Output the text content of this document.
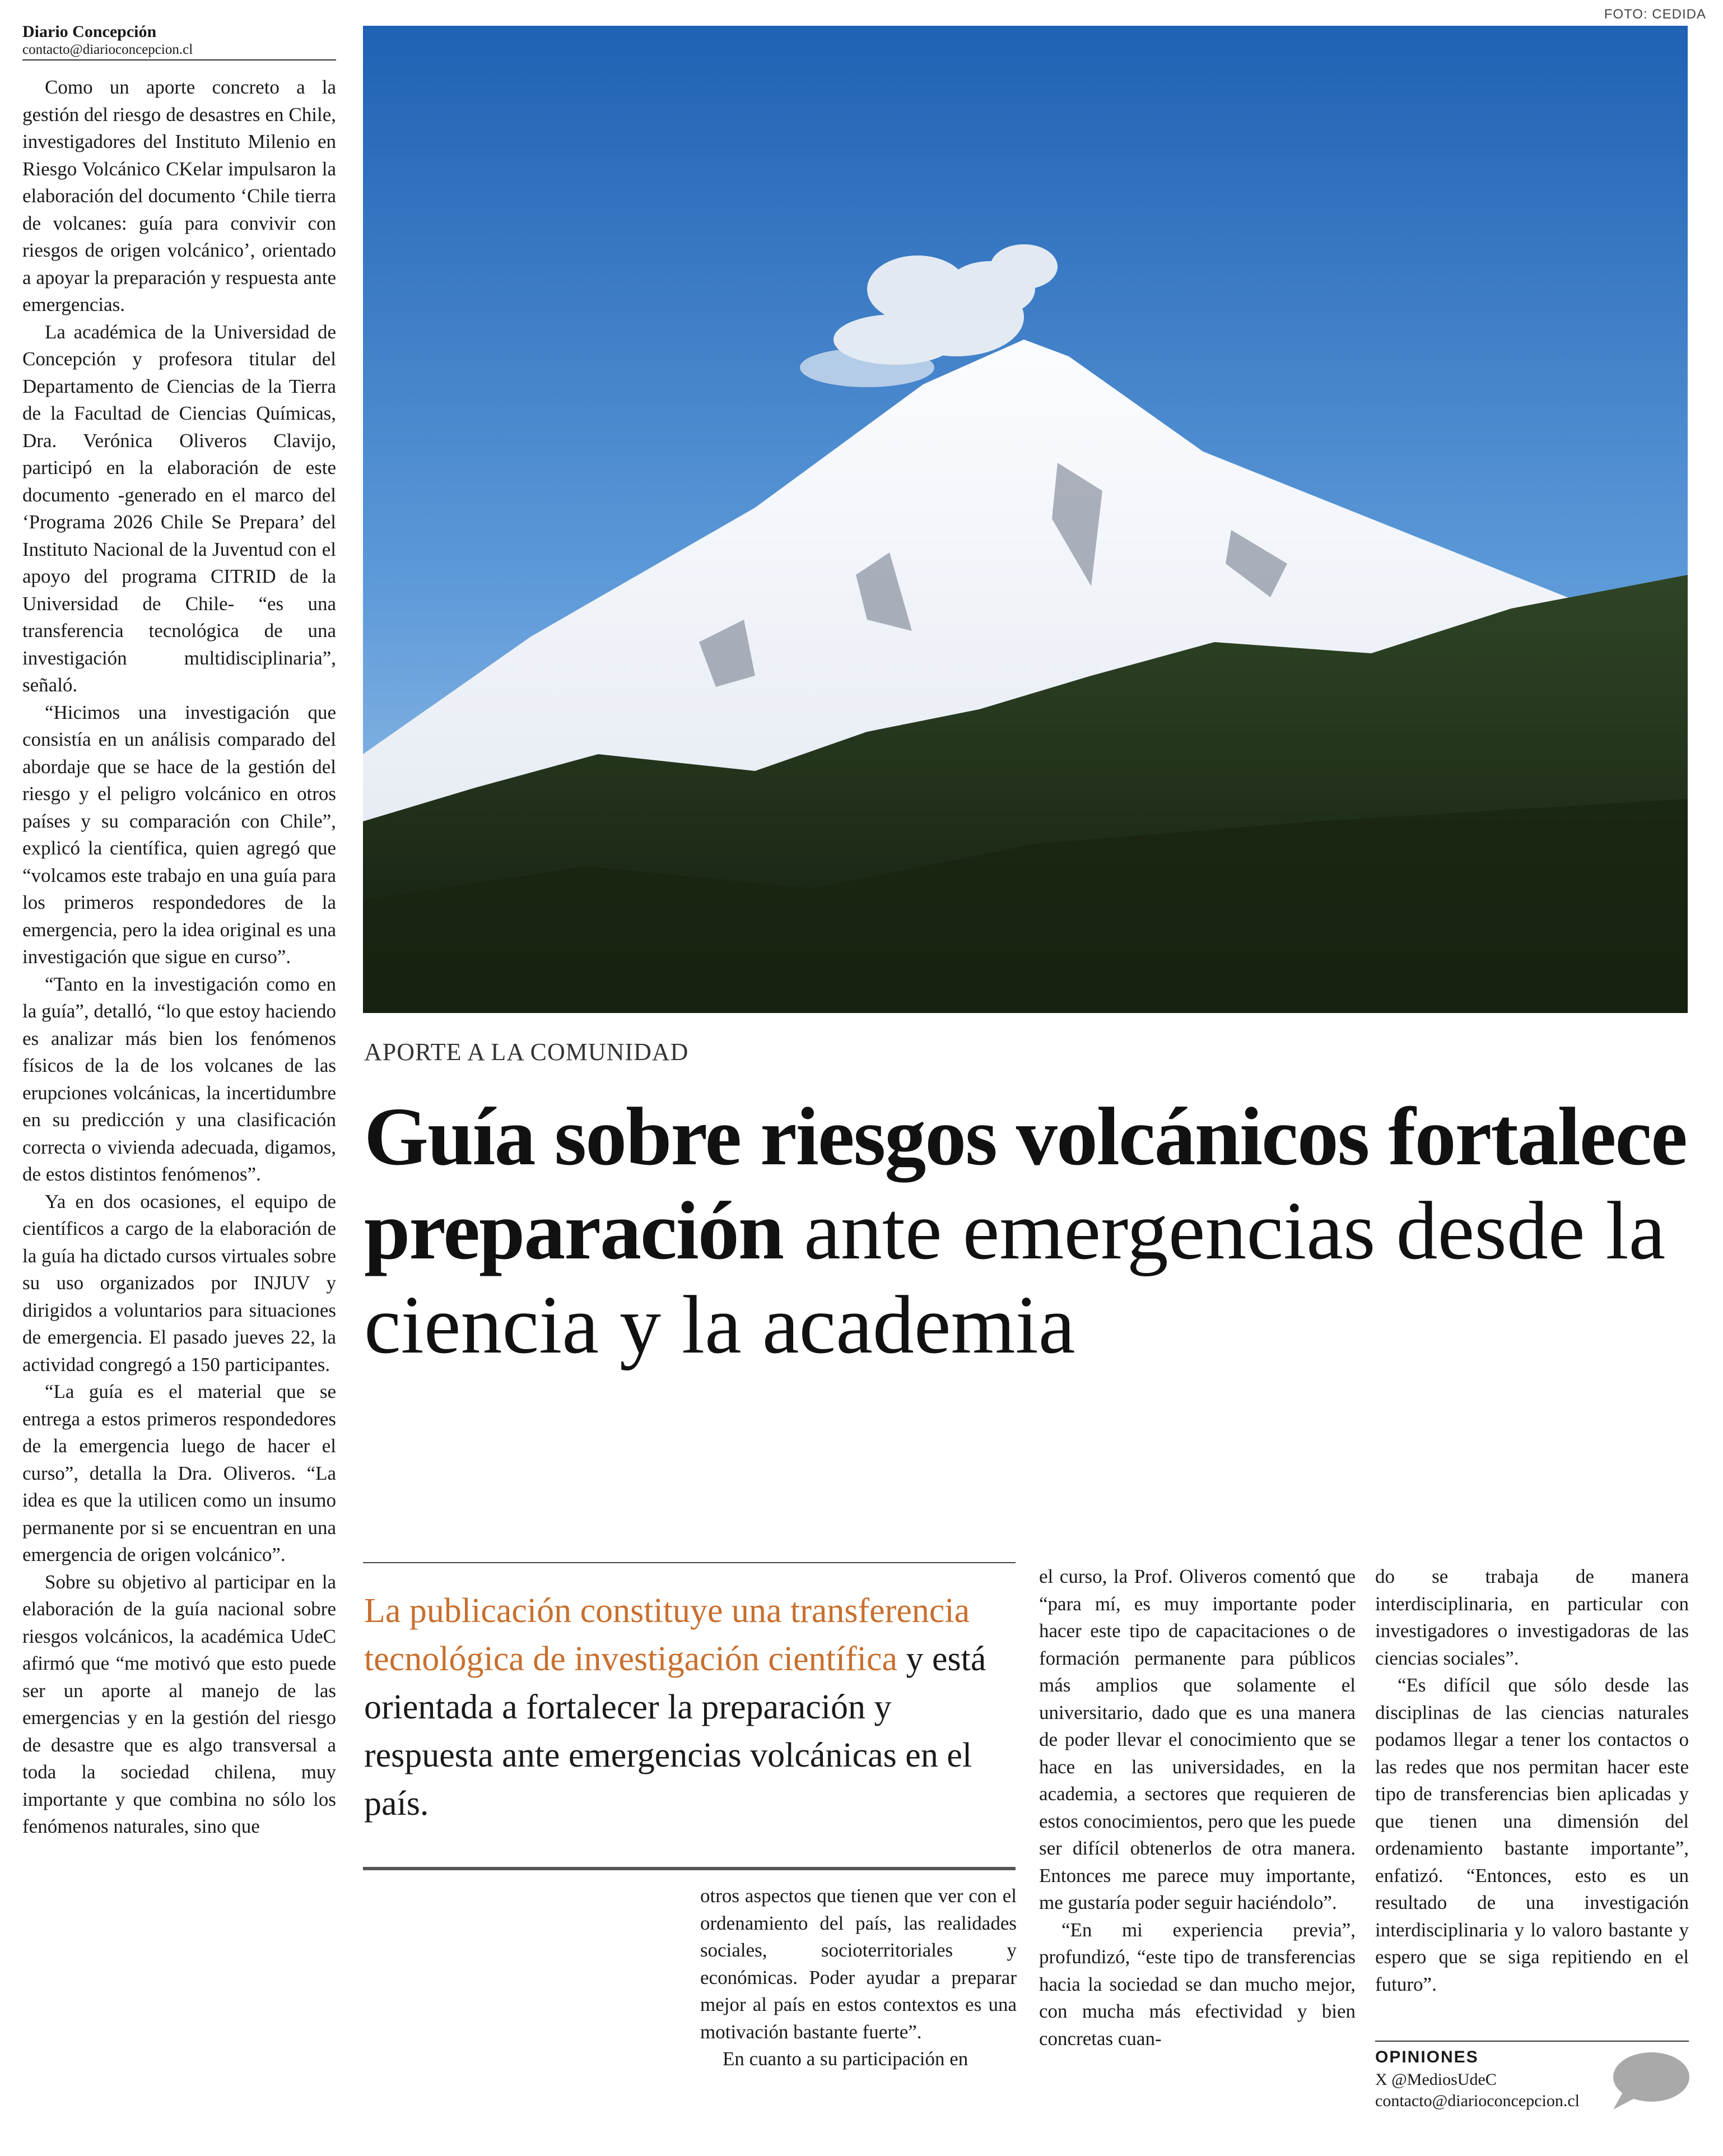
Diario Concepción
contacto@diarioconcepcion.cl
FOTO: CEDIDA

Como un aporte concreto a la gestión del riesgo de desastres en Chile, investigadores del Instituto Milenio en Riesgo Volcánico CKelar impulsaron la elaboración del documento ‘Chile tierra de volcanes: guía para convivir con riesgos de origen volcánico’, orientado a apoyar la preparación y respuesta ante emergencias.

La académica de la Universidad de Concepción y profesora titular del Departamento de Ciencias de la Tierra de la Facultad de Ciencias Químicas, Dra. Verónica Oliveros Clavijo, participó en la elaboración de este documento -generado en el marco del ‘Programa 2026 Chile Se Prepara’ del Instituto Nacional de la Juventud con el apoyo del programa CITRID de la Universidad de Chile- “es una transferencia tecnológica de una investigación multidisciplinaria”, señaló.

“Hicimos una investigación que consistía en un análisis comparado del abordaje que se hace de la gestión del riesgo y el peligro volcánico en otros países y su comparación con Chile”, explicó la científica, quien agregó que “volcamos este trabajo en una guía para los primeros respondedores de la emergencia, pero la idea original es una investigación que sigue en curso”.

“Tanto en la investigación como en la guía”, detalló, “lo que estoy haciendo es analizar más bien los fenómenos físicos de la de los volcanes de las erupciones volcánicas, la incertidumbre en su predicción y una clasificación correcta o vivienda adecuada, digamos, de estos distintos fenómenos”.

Ya en dos ocasiones, el equipo de científicos a cargo de la elaboración de la guía ha dictado cursos virtuales sobre su uso organizados por INJUV y dirigidos a voluntarios para situaciones de emergencia. El pasado jueves 22, la actividad congregó a 150 participantes.

“La guía es el material que se entrega a estos primeros respondedores de la emergencia luego de hacer el curso”, detalla la Dra. Oliveros. “La idea es que la utilicen como un insumo permanente por si se encuentran en una emergencia de origen volcánico”.

Sobre su objetivo al participar en la elaboración de la guía nacional sobre riesgos volcánicos, la académica UdeC afirmó que “me motivó que esto puede ser un aporte al manejo de las emergencias y en la gestión del riesgo de desastre que es algo transversal a toda la sociedad chilena, muy importante y que combina no sólo los fenómenos naturales, sino que

APORTE A LA COMUNIDAD
Guía sobre riesgos volcánicos fortalece preparación ante emergencias desde la ciencia y la academia
La publicación constituye una transferencia tecnológica de investigación científica y está orientada a fortalecer la preparación y respuesta ante emergencias volcánicas en el país.

otros aspectos que tienen que ver con el ordenamiento del país, las realidades sociales, socioterritoriales y económicas. Poder ayudar a preparar mejor al país en estos contextos es una motivación bastante fuerte”.

En cuanto a su participación en

el curso, la Prof. Oliveros comentó que “para mí, es muy importante poder hacer este tipo de capacitaciones o de formación permanente para públicos más amplios que solamente el universitario, dado que es una manera de poder llevar el conocimiento que se hace en las universidades, en la academia, a sectores que requieren de estos conocimientos, pero que les puede ser difícil obtenerlos de otra manera. Entonces me parece muy importante, me gustaría poder seguir haciéndolo”.

“En mi experiencia previa”, profundizó, “este tipo de transferencias hacia la sociedad se dan mucho mejor, con mucha más efectividad y bien concretas cuan-

do se trabaja de manera interdisciplinaria, en particular con investigadores o investigadoras de las ciencias sociales”.

“Es difícil que sólo desde las disciplinas de las ciencias naturales podamos llegar a tener los contactos o las redes que nos permitan hacer este tipo de transferencias bien aplicadas y que tienen una dimensión del ordenamiento bastante importante”, enfatizó. “Entonces, esto es un resultado de una investigación interdisciplinaria y lo valoro bastante y espero que se siga repitiendo en el futuro”.

OPINIONES
X @MediosUdeC
contacto@diarioconcepcion.cl
